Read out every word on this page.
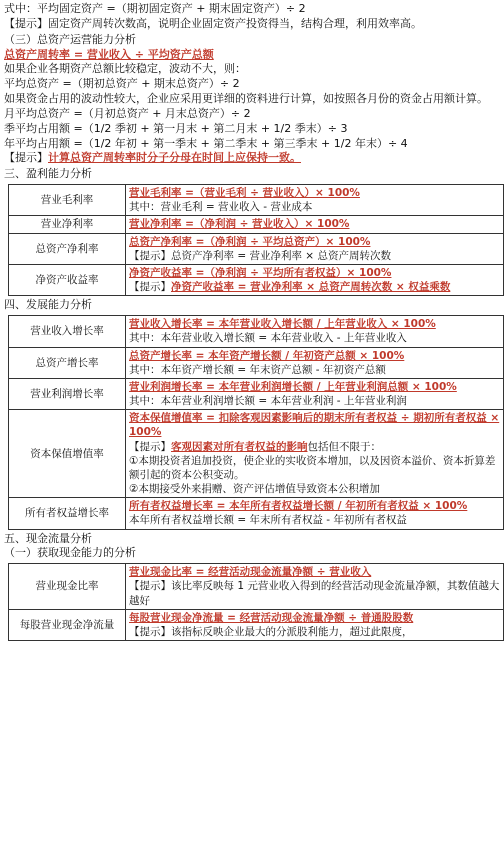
式中：平均固定资产 =（期初固定资产 + 期末固定资产）÷ 2
【提示】固定资产周转次数高，说明企业固定资产投资得当，结构合理，利用效率高。
（三）总资产运营能力分析
总资产周转率 = 营业收入 ÷ 平均资产总额
如果企业各期资产总额比较稳定，波动不大，则：
平均总资产 =（期初总资产 + 期末总资产）÷ 2
如果资金占用的波动性较大，企业应采用更详细的资料进行计算，如按照各月份的资金占用额计算。
月平均总资产 =（月初总资产 + 月末总资产）÷ 2
季平均占用额 =（1/2 季初 + 第一月末 + 第二月末 + 1/2 季末）÷ 3
年平均占用额 =（1/2 年初 + 第一季末 + 第二季末 + 第三季末 + 1/2 年末）÷ 4
【提示】计算总资产周转率时分子分母在时间上应保持一致。
三、盈利能力分析
营业毛利率	营业毛利率 =（营业毛利 ÷ 营业收入）× 100%
其中：营业毛利 = 营业收入 - 营业成本

营业净利率	营业净利率 =（净利润 ÷ 营业收入）× 100%

总资产净利率	总资产净利率 =（净利润 ÷ 平均总资产）× 100%
【提示】总资产净利率 = 营业净利率 × 总资产周转次数

净资产收益率	净资产收益率 =（净利润 ÷ 平均所有者权益）× 100%
【提示】净资产收益率 = 营业净利率 × 总资产周转次数 × 权益乘数
四、发展能力分析
营业收入增长率	营业收入增长率 = 本年营业收入增长额 / 上年营业收入 × 100%
其中：本年营业收入增长额 = 本年营业收入 - 上年营业收入

总资产增长率	总资产增长率 = 本年资产增长额 / 年初资产总额 × 100%
其中：本年资产增长额 = 年末资产总额 - 年初资产总额

营业利润增长率	营业利润增长率 = 本年营业利润增长额 / 上年营业利润总额 × 100%
其中：本年营业利润增长额 = 本年营业利润 - 上年营业利润

资本保值增值率	资本保值增值率 = 扣除客观因素影响后的期末所有者权益 ÷ 期初所有者权益 × 100%
【提示】客观因素对所有者权益的影响包括但不限于：
①本期投资者追加投资，使企业的实收资本增加，以及因资本溢价、资本折算差额引起的资本公积变动。
②本期接受外来捐赠、资产评估增值导致资本公积增加

所有者权益增长率	所有者权益增长率 = 本年所有者权益增长额 / 年初所有者权益 × 100%
本年所有者权益增长额 = 年末所有者权益 - 年初所有者权益
五、现金流量分析
（一）获取现金能力的分析
营业现金比率	营业现金比率 = 经营活动现金流量净额 ÷ 营业收入
【提示】该比率反映每 1 元营业收入得到的经营活动现金流量净额，其数值越大越好

每股营业现金净流量	每股营业现金净流量 = 经营活动现金流量净额 ÷ 普通股股数
【提示】该指标反映企业最大的分派股利能力，超过此限度，
